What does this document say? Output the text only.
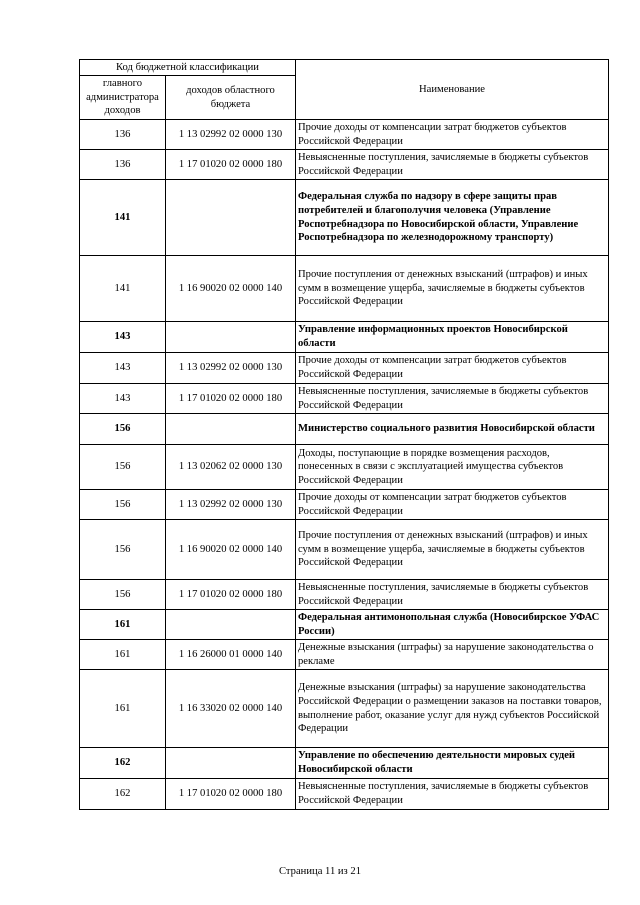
Код бюджетной классификации		Наименование
главного администратора доходов	доходов областного бюджета	
136	1 13 02992 02 0000 130	Прочие доходы от компенсации затрат бюджетов субъектов Российской Федерации
136	1 17 01020 02 0000 180	Невыясненные поступления, зачисляемые в бюджеты субъектов Российской Федерации
141		Федеральная служба по надзору в сфере защиты прав потребителей и благополучия человека (Управление Роспотребнадзора по Новосибирской области, Управление Роспотребнадзора по железнодорожному транспорту)
141	1 16 90020 02 0000 140	Прочие поступления от денежных взысканий (штрафов) и иных сумм в возмещение ущерба, зачисляемые в бюджеты субъектов Российской Федерации
143		Управление информационных проектов Новосибирской области
143	1 13 02992 02 0000 130	Прочие доходы от компенсации затрат бюджетов субъектов Российской Федерации
143	1 17 01020 02 0000 180	Невыясненные поступления, зачисляемые в бюджеты субъектов Российской Федерации
156		Министерство социального развития Новосибирской области
156	1 13 02062 02 0000 130	Доходы, поступающие в порядке возмещения расходов, понесенных в связи с эксплуатацией имущества субъектов Российской Федерации
156	1 13 02992 02 0000 130	Прочие доходы от компенсации затрат бюджетов субъектов Российской Федерации
156	1 16 90020 02 0000 140	Прочие поступления от денежных взысканий (штрафов) и иных сумм в возмещение ущерба, зачисляемые в бюджеты субъектов Российской Федерации
156	1 17 01020 02 0000 180	Невыясненные поступления, зачисляемые в бюджеты субъектов Российской Федерации
161		Федеральная антимонопольная служба (Новосибирское УФАС России)
161	1 16 26000 01 0000 140	Денежные взыскания (штрафы) за нарушение законодательства о рекламе
161	1 16 33020 02 0000 140	Денежные взыскания (штрафы) за нарушение законодательства Российской Федерации о размещении заказов на поставки товаров, выполнение работ, оказание услуг для нужд субъектов Российской Федерации
162		Управление по обеспечению деятельности мировых судей Новосибирской области
162	1 17 01020 02 0000 180	Невыясненные поступления, зачисляемые в бюджеты субъектов Российской Федерации
Страница 11 из 21
